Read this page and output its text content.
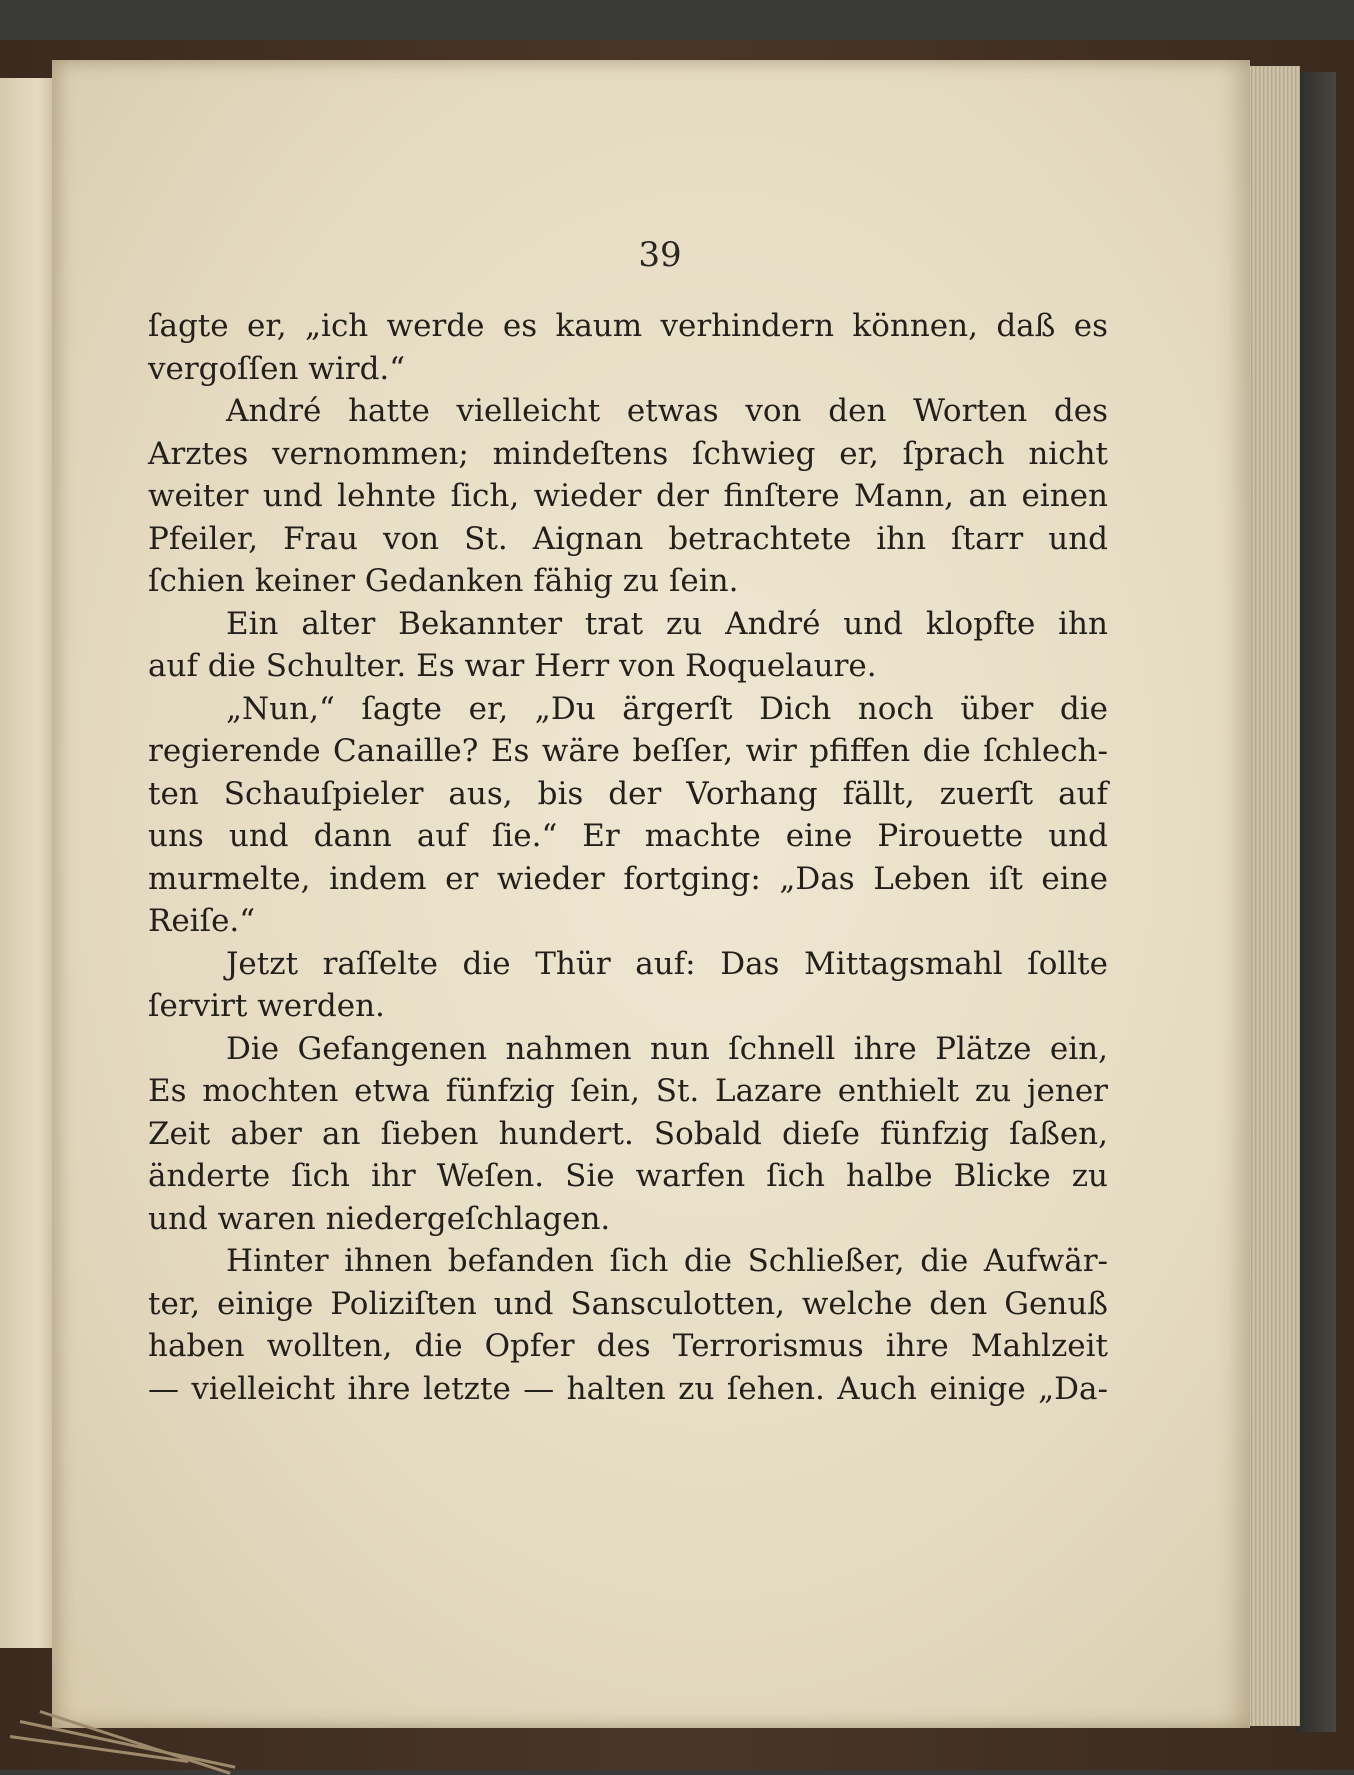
39
ſagte er, „ich werde es kaum verhindern können, daß es
vergoſſen wird.“
André hatte vielleicht etwas von den Worten des
Arztes vernommen; mindeſtens ſchwieg er, ſprach nicht
weiter und lehnte ſich, wieder der finſtere Mann, an einen
Pfeiler, Frau von St. Aignan betrachtete ihn ſtarr und
ſchien keiner Gedanken fähig zu ſein.
Ein alter Bekannter trat zu André und klopfte ihn
auf die Schulter. Es war Herr von Roquelaure.
„Nun,“ ſagte er, „Du ärgerſt Dich noch über die
regierende Canaille? Es wäre beſſer, wir pfiffen die ſchlech-
ten Schauſpieler aus, bis der Vorhang fällt, zuerſt auf
uns und dann auf ſie.“ Er machte eine Pirouette und
murmelte, indem er wieder fortging: „Das Leben iſt eine
Reiſe.“
Jetzt raſſelte die Thür auf: Das Mittagsmahl ſollte
ſervirt werden.
Die Gefangenen nahmen nun ſchnell ihre Plätze ein,
Es mochten etwa fünfzig ſein, St. Lazare enthielt zu jener
Zeit aber an ſieben hundert. Sobald dieſe fünfzig ſaßen,
änderte ſich ihr Weſen. Sie warfen ſich halbe Blicke zu
und waren niedergeſchlagen.
Hinter ihnen befanden ſich die Schließer, die Aufwär-
ter, einige Poliziſten und Sansculotten, welche den Genuß
haben wollten, die Opfer des Terrorismus ihre Mahlzeit
— vielleicht ihre letzte — halten zu ſehen. Auch einige „Da-
